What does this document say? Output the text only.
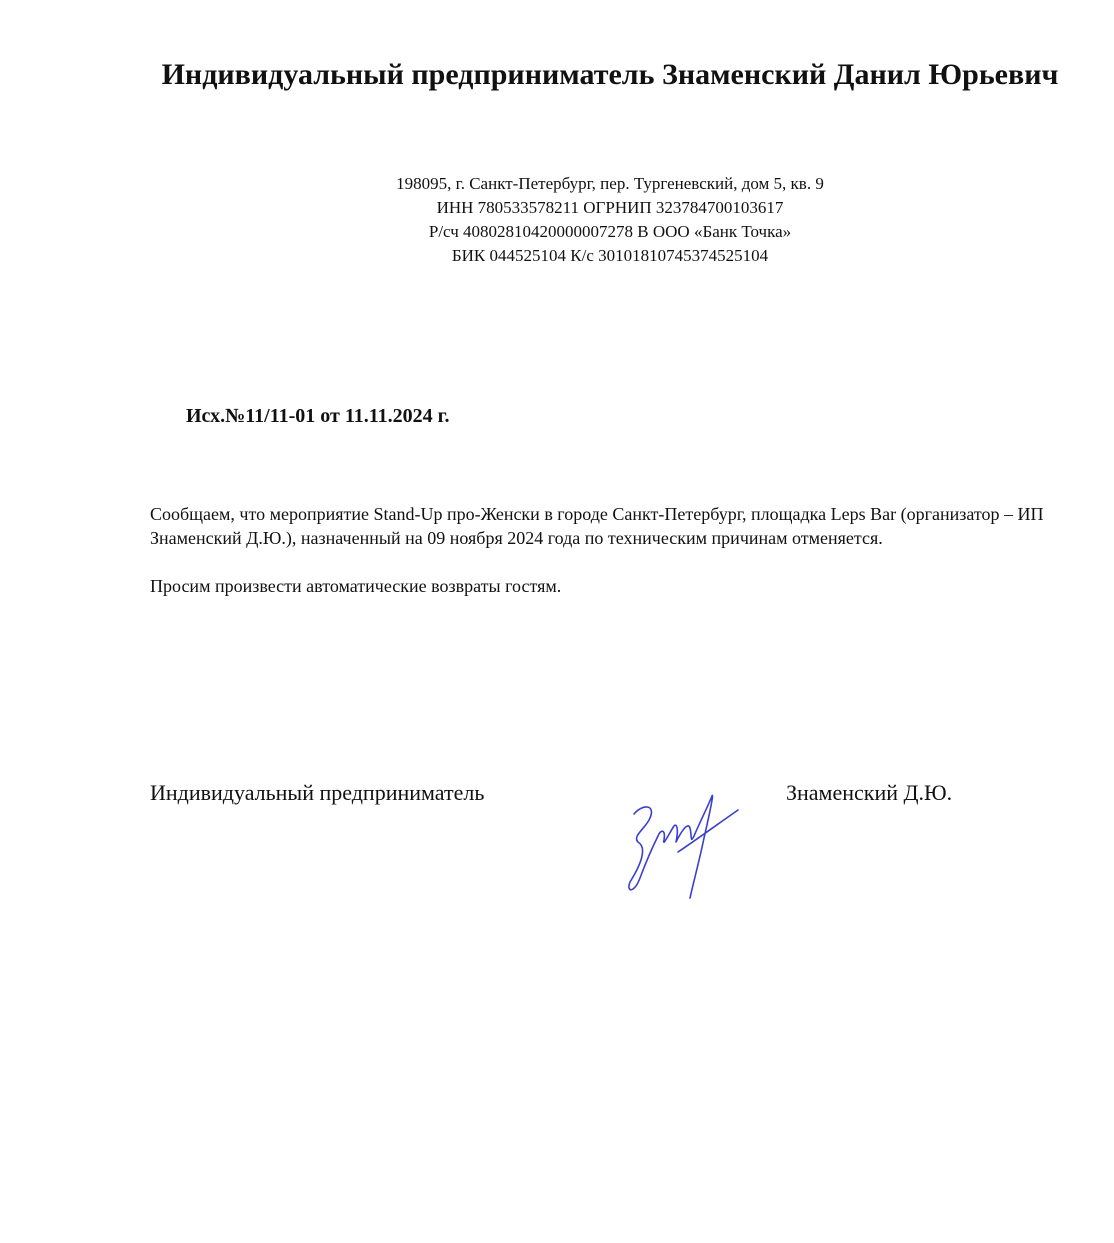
Индивидуальный предприниматель Знаменский Данил Юрьевич
198095, г. Санкт-Петербург, пер. Тургеневский, дом 5, кв. 9
ИНН 780533578211 ОГРНИП 323784700103617
Р/сч 40802810420000007278 В ООО «Банк Точка»
БИК 044525104 К/с 30101810745374525104
Исх.№11/11-01 от 11.11.2024 г.

Сообщаем, что мероприятие Stand-Up про-Женски в городе Санкт-Петербург, площадка Leps Bar (организатор – ИП Знаменский Д.Ю.), назначенный на 09 ноября 2024 года по техническим причинам отменяется.

Просим произвести автоматические возвраты гостям.

Индивидуальный предприниматель	Знаменский Д.Ю.
